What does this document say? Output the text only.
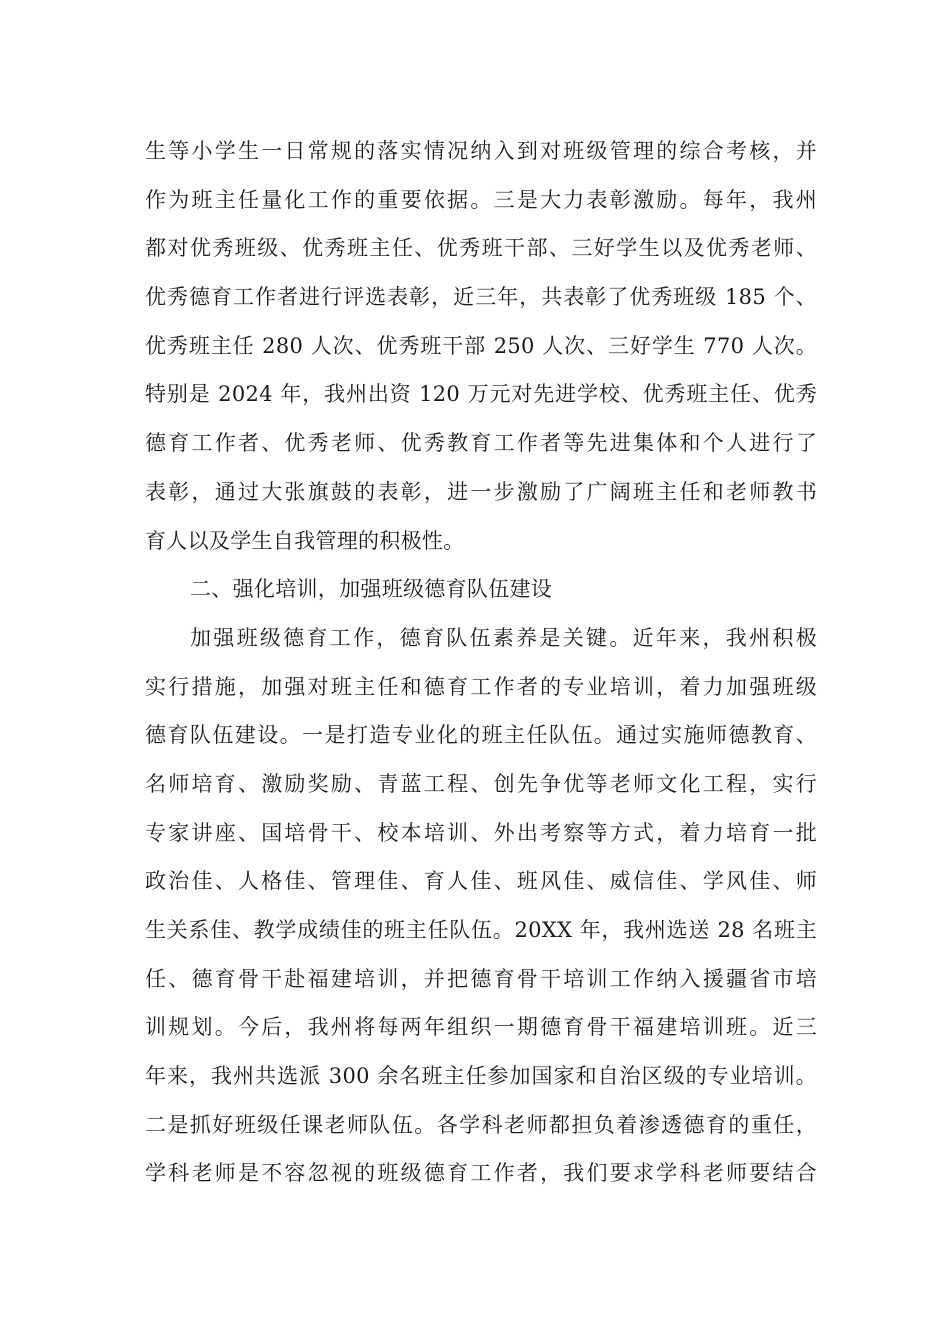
生等小学生一日常规的落实情况纳入到对班级管理的综合考核，并
作为班主任量化工作的重要依据。三是大力表彰激励。每年，我州
都对优秀班级、优秀班主任、优秀班干部、三好学生以及优秀老师、
优秀德育工作者进行评选表彰，近三年，共表彰了优秀班级 185 个、
优秀班主任 280 人次、优秀班干部 250 人次、三好学生 770 人次。
特别是 2024 年，我州出资 120 万元对先进学校、优秀班主任、优秀
德育工作者、优秀老师、优秀教育工作者等先进集体和个人进行了
表彰，通过大张旗鼓的表彰，进一步激励了广阔班主任和老师教书
育人以及学生自我管理的积极性。
二、强化培训，加强班级德育队伍建设
加强班级德育工作，德育队伍素养是关键。近年来，我州积极
实行措施，加强对班主任和德育工作者的专业培训，着力加强班级
德育队伍建设。一是打造专业化的班主任队伍。通过实施师德教育、
名师培育、激励奖励、青蓝工程、创先争优等老师文化工程，实行
专家讲座、国培骨干、校本培训、外出考察等方式，着力培育一批
政治佳、人格佳、管理佳、育人佳、班风佳、威信佳、学风佳、师
生关系佳、教学成绩佳的班主任队伍。20XX 年，我州选送 28 名班主
任、德育骨干赴福建培训，并把德育骨干培训工作纳入援疆省市培
训规划。今后，我州将每两年组织一期德育骨干福建培训班。近三
年来，我州共选派 300 余名班主任参加国家和自治区级的专业培训。
二是抓好班级任课老师队伍。各学科老师都担负着渗透德育的重任，
学科老师是不容忽视的班级德育工作者，我们要求学科老师要结合
